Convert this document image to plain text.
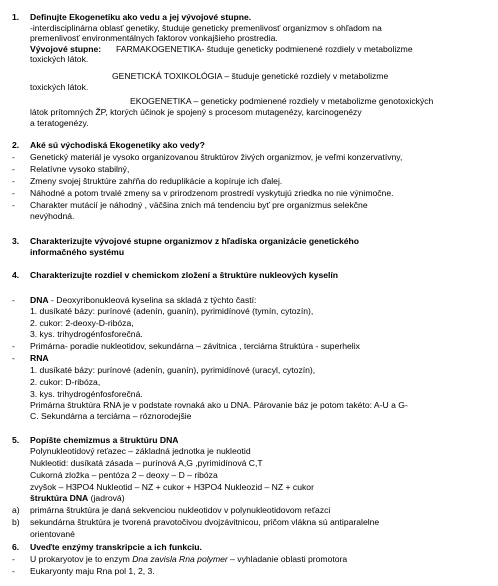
1. Definujte Ekogenetiku ako vedu a jej vývojové stupne.
-interdisciplinárna oblasť genetiky, študuje geneticky premenlivosť organizmov s ohľadom na
premenlivosť environmentálnych faktorov vonkajšieho prostredia.
Vývojové stupne: FARMAKOGENETIKA- študuje geneticky podmienené rozdiely v metabolizme
toxických látok.
GENETICKÁ TOXIKOLÓGIA – študuje genetické rozdiely v metabolizme
toxických látok.
EKOGENETIKA – geneticky podmienené rozdiely v metabolizme genotoxických
látok prítomných ŽP, ktorých účinok je spojený s procesom mutagenézy, karcinogenézy
a teratogenézy.
2. Aké sú východiská Ekogenetiky ako vedy?
- Genetický materiál je vysoko organizovanou štruktúrov živých organizmov, je veľmi konzervatívny,
- Relatívne vysoko stabilný,
- Zmeny svojej štruktúre zahŕňa do reduplikácie a kopíruje ich ďalej.
- Náhodné a potom trvalé zmeny sa v prirodzenom prostredí vyskytujú zriedka no nie výnimočne.
- Charakter mutácií je náhodný , väčšina znich má tendenciu byť pre organizmus selekčne
nevýhodná.
3. Charakterizujte vývojové stupne organizmov z hľadiska organizácie genetického
informačného systému
4. Charakterizujte rozdiel v chemickom zložení a štruktúre nukleových kyselín
- DNA - Deoxyribonukleová kyselina sa skladá z týchto častí:
1. dusíkaté bázy: purínové (adenín, guanín), pyrimidínové (tymín, cytozín),
2. cukor: 2-deoxy-D-ribóza,
3. kys. trihydrogénfosforečná.
- Primárna- poradie nukleotidov, sekundárna – závitnica , terciárna štruktúra - superhelix
- RNA
1. dusíkaté bázy: purínové (adenín, guanín), pyrimidínové (uracyl, cytozín),
2. cukor: D-ribóza,
3. kys. trihydrogénfosforečná.
Primárna štruktúra RNA je v podstate rovnaká ako u DNA. Párovanie báz je potom takéto: A-U a G-
C. Sekundárna a terciárna – róznorodejšie
5. Popíšte chemizmus a štruktúru DNA
Polynukleotidový reťazec – základná jednotka je nukleotid
Nukleotid: dusíkatá zásada – purínová A,G ,pyrimidínová C,T
Cukorná zložka – pentóza 2 – deoxy – D – ribóza
zvyšok – H3PO4 Nukleotid – NZ + cukor + H3PO4 Nukleozid – NZ + cukor
štruktúra DNA (jadrová)
a) primárna štruktúra je daná sekvenciou nukleotidov v polynukleotidovom reťazci
b) sekundárna štruktúra je tvorená pravotočivou dvojzávitnicou, pričom vlákna sú antiparalelne
orientované
6. Uveďte enzýmy transkripcie a ich funkciu.
- U prokaryotov je to enzym Dna zavisla Rna polymer – vyhladanie oblasti promotora
- Eukaryonty maju Rna pol 1, 2, 3.
